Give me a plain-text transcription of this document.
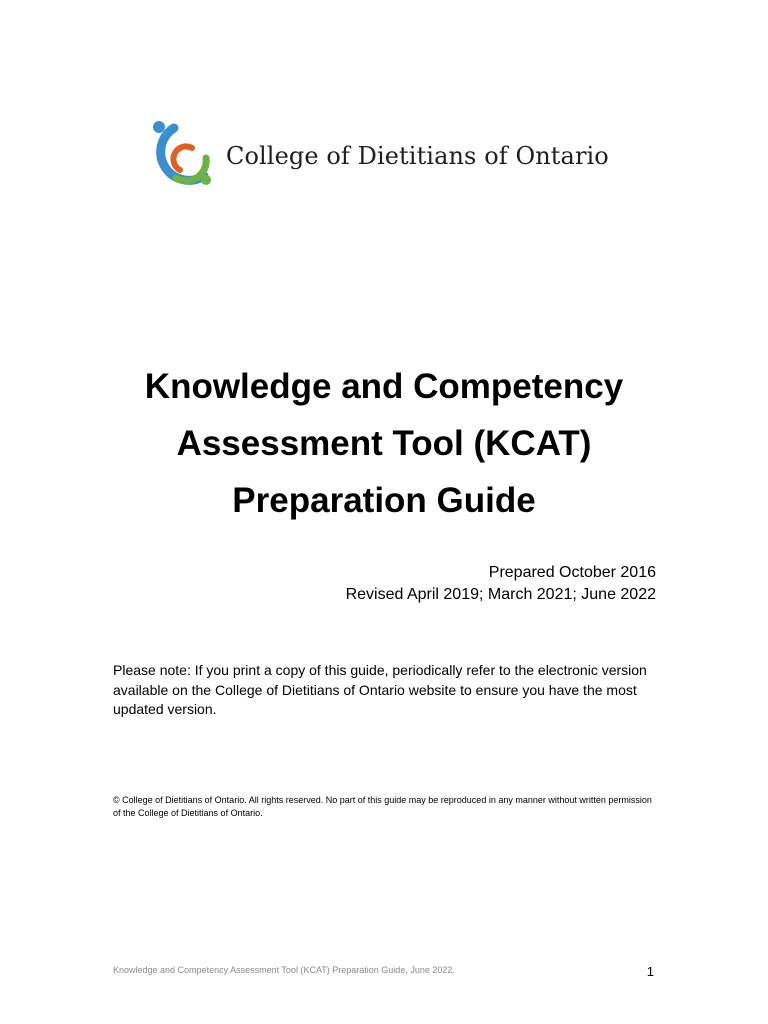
College of Dietitians of Ontario
Knowledge and Competency
Assessment Tool (KCAT)
Preparation Guide
Prepared October 2016
Revised April 2019; March 2021; June 2022
Please note: If you print a copy of this guide, periodically refer to the electronic version available on the College of Dietitians of Ontario website to ensure you have the most updated version.
© College of Dietitians of Ontario. All rights reserved. No part of this guide may be reproduced in any manner without written permission of the College of Dietitians of Ontario.
Knowledge and Competency Assessment Tool (KCAT) Preparation Guide, June 2022.	1
